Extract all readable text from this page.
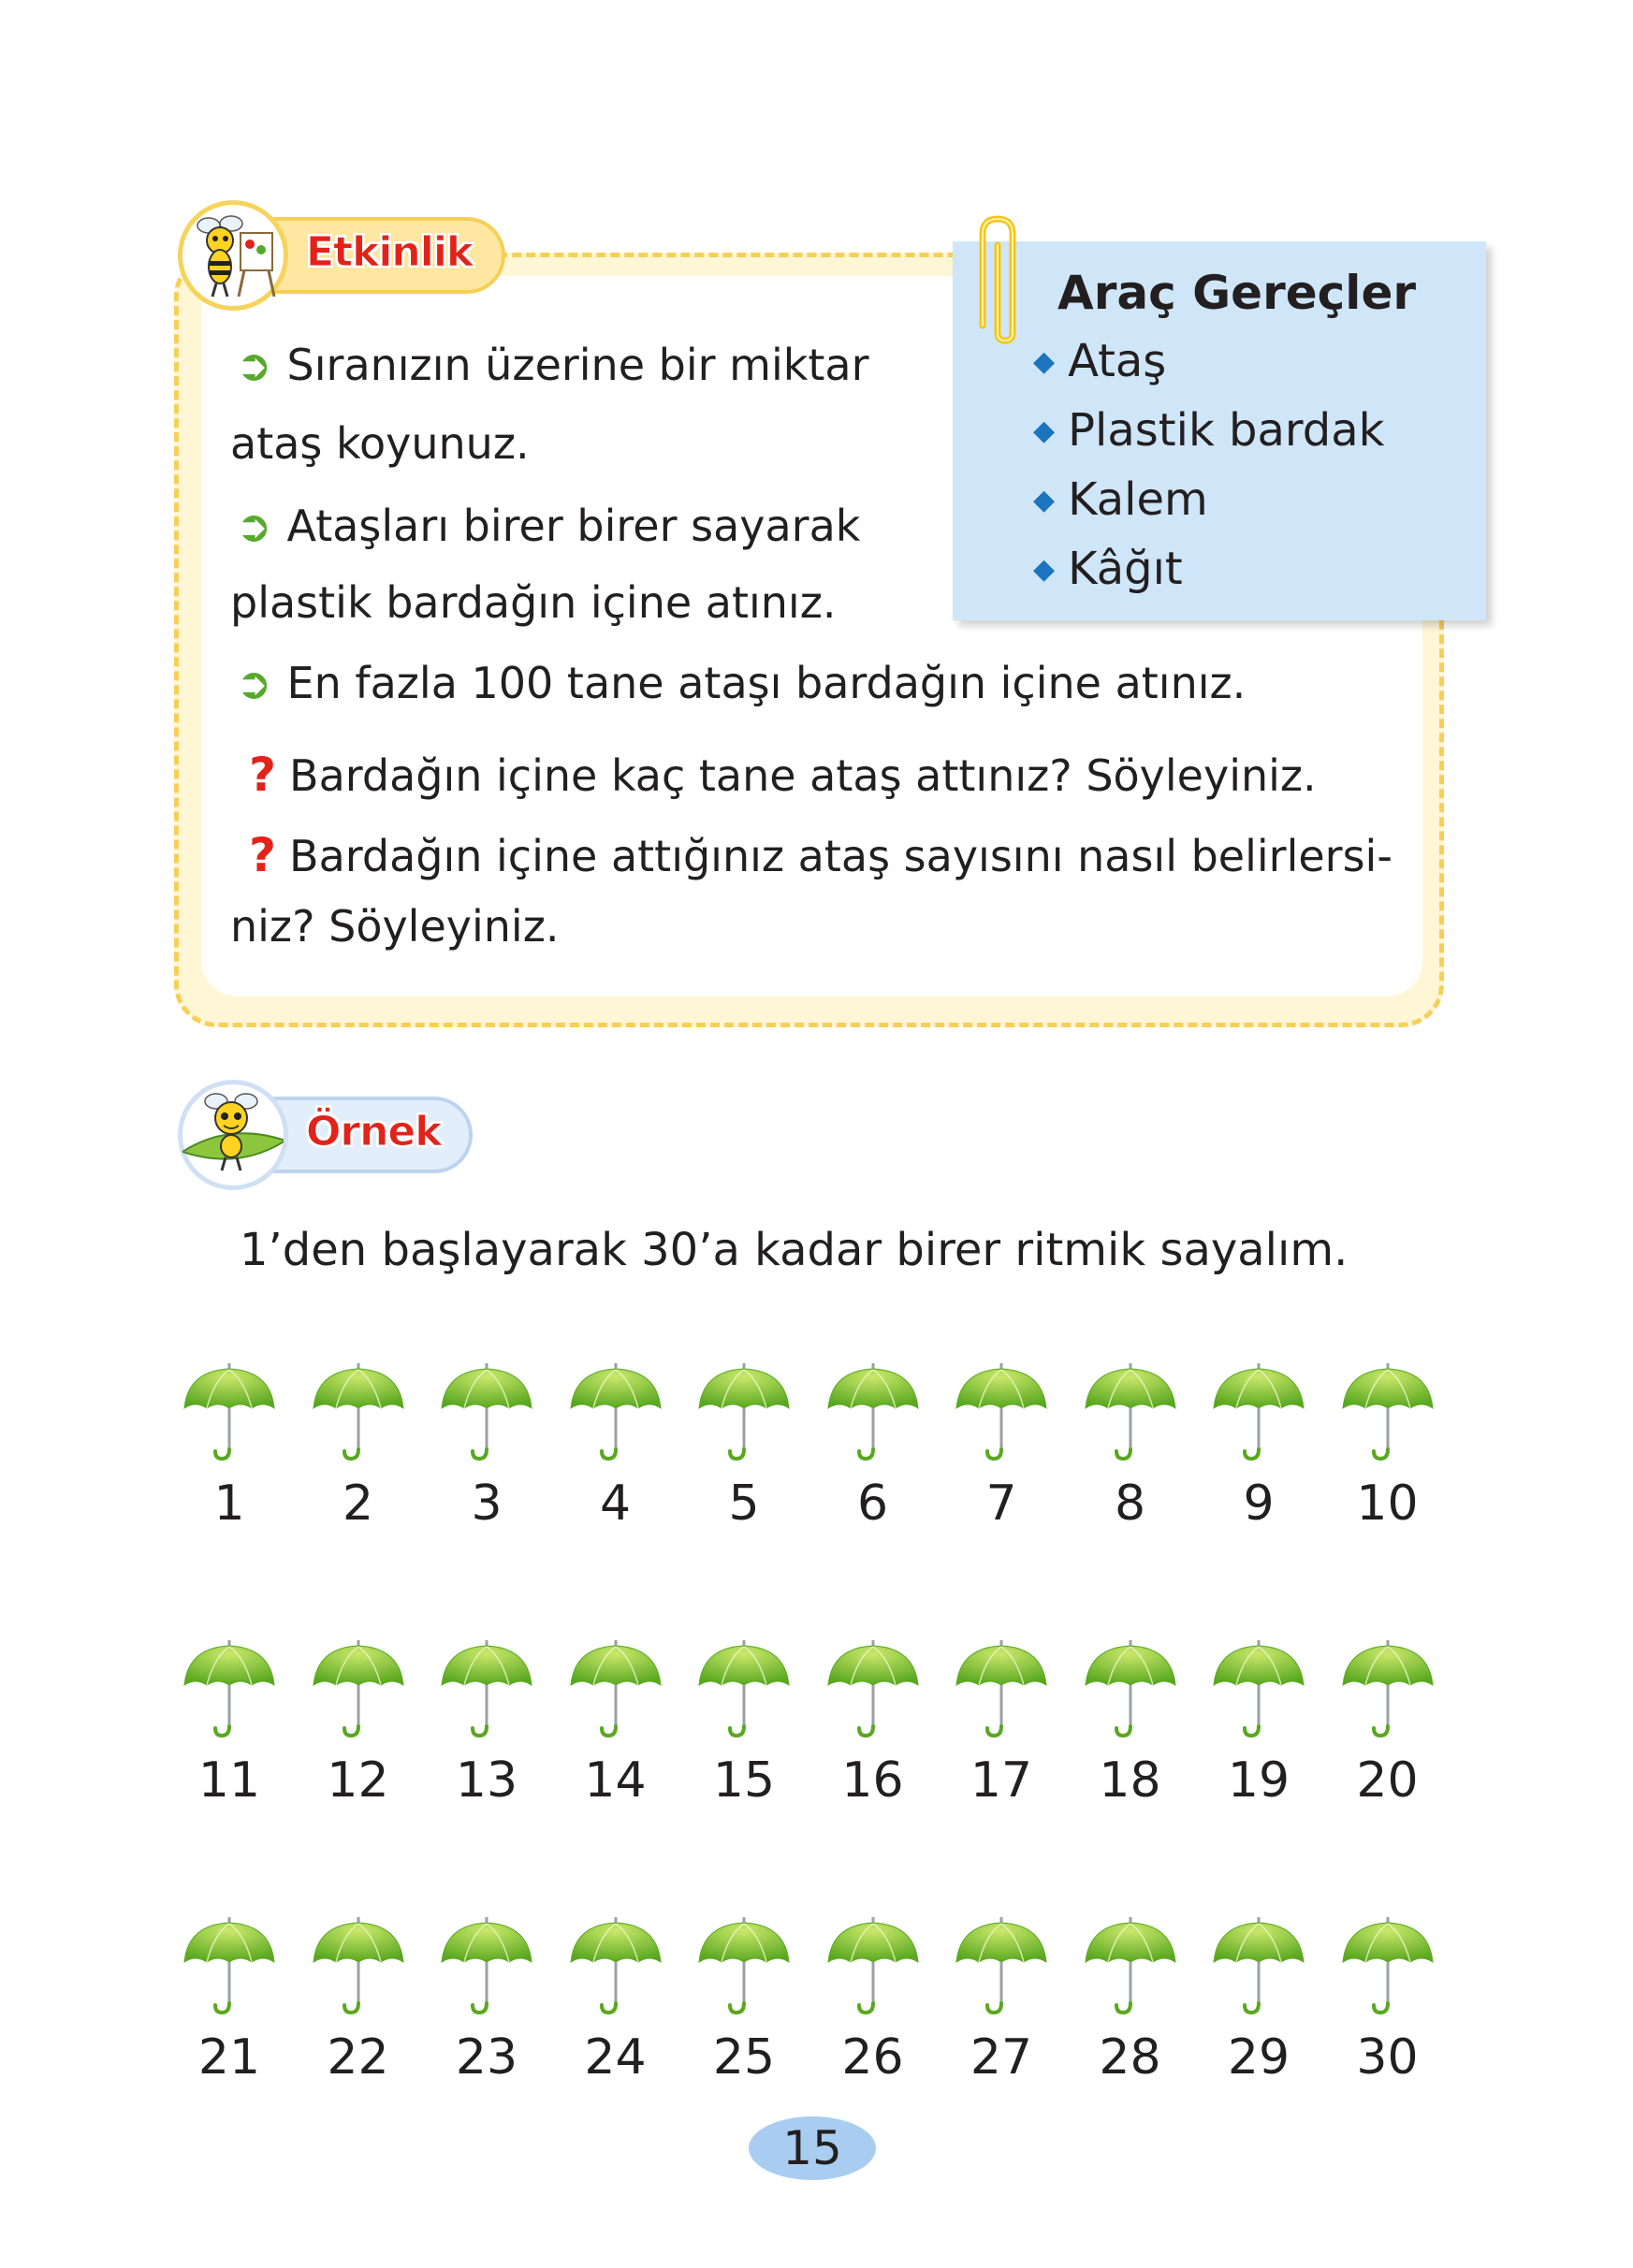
Etkinlik
➲ Sıranızın üzerine bir miktar
ataş koyunuz.
➲ Ataşları birer birer sayarak
plastik bardağın içine atınız.
➲ En fazla 100 tane ataşı bardağın içine atınız.
? Bardağın içine kaç tane ataş attınız? Söyleyiniz.
? Bardağın içine attığınız ataş sayısını nasıl belirlersi-
niz? Söyleyiniz.
Araç Gereçler
◆ Ataş
◆ Plastik bardak
◆ Kalem
◆ Kâğıt
Örnek
1’den başlayarak 30’a kadar birer ritmik sayalım.
1	2	3	4	5	6	7	8	9	10
11	12	13	14	15	16	17	18	19	20
21	22	23	24	25	26	27	28	29	30
15
